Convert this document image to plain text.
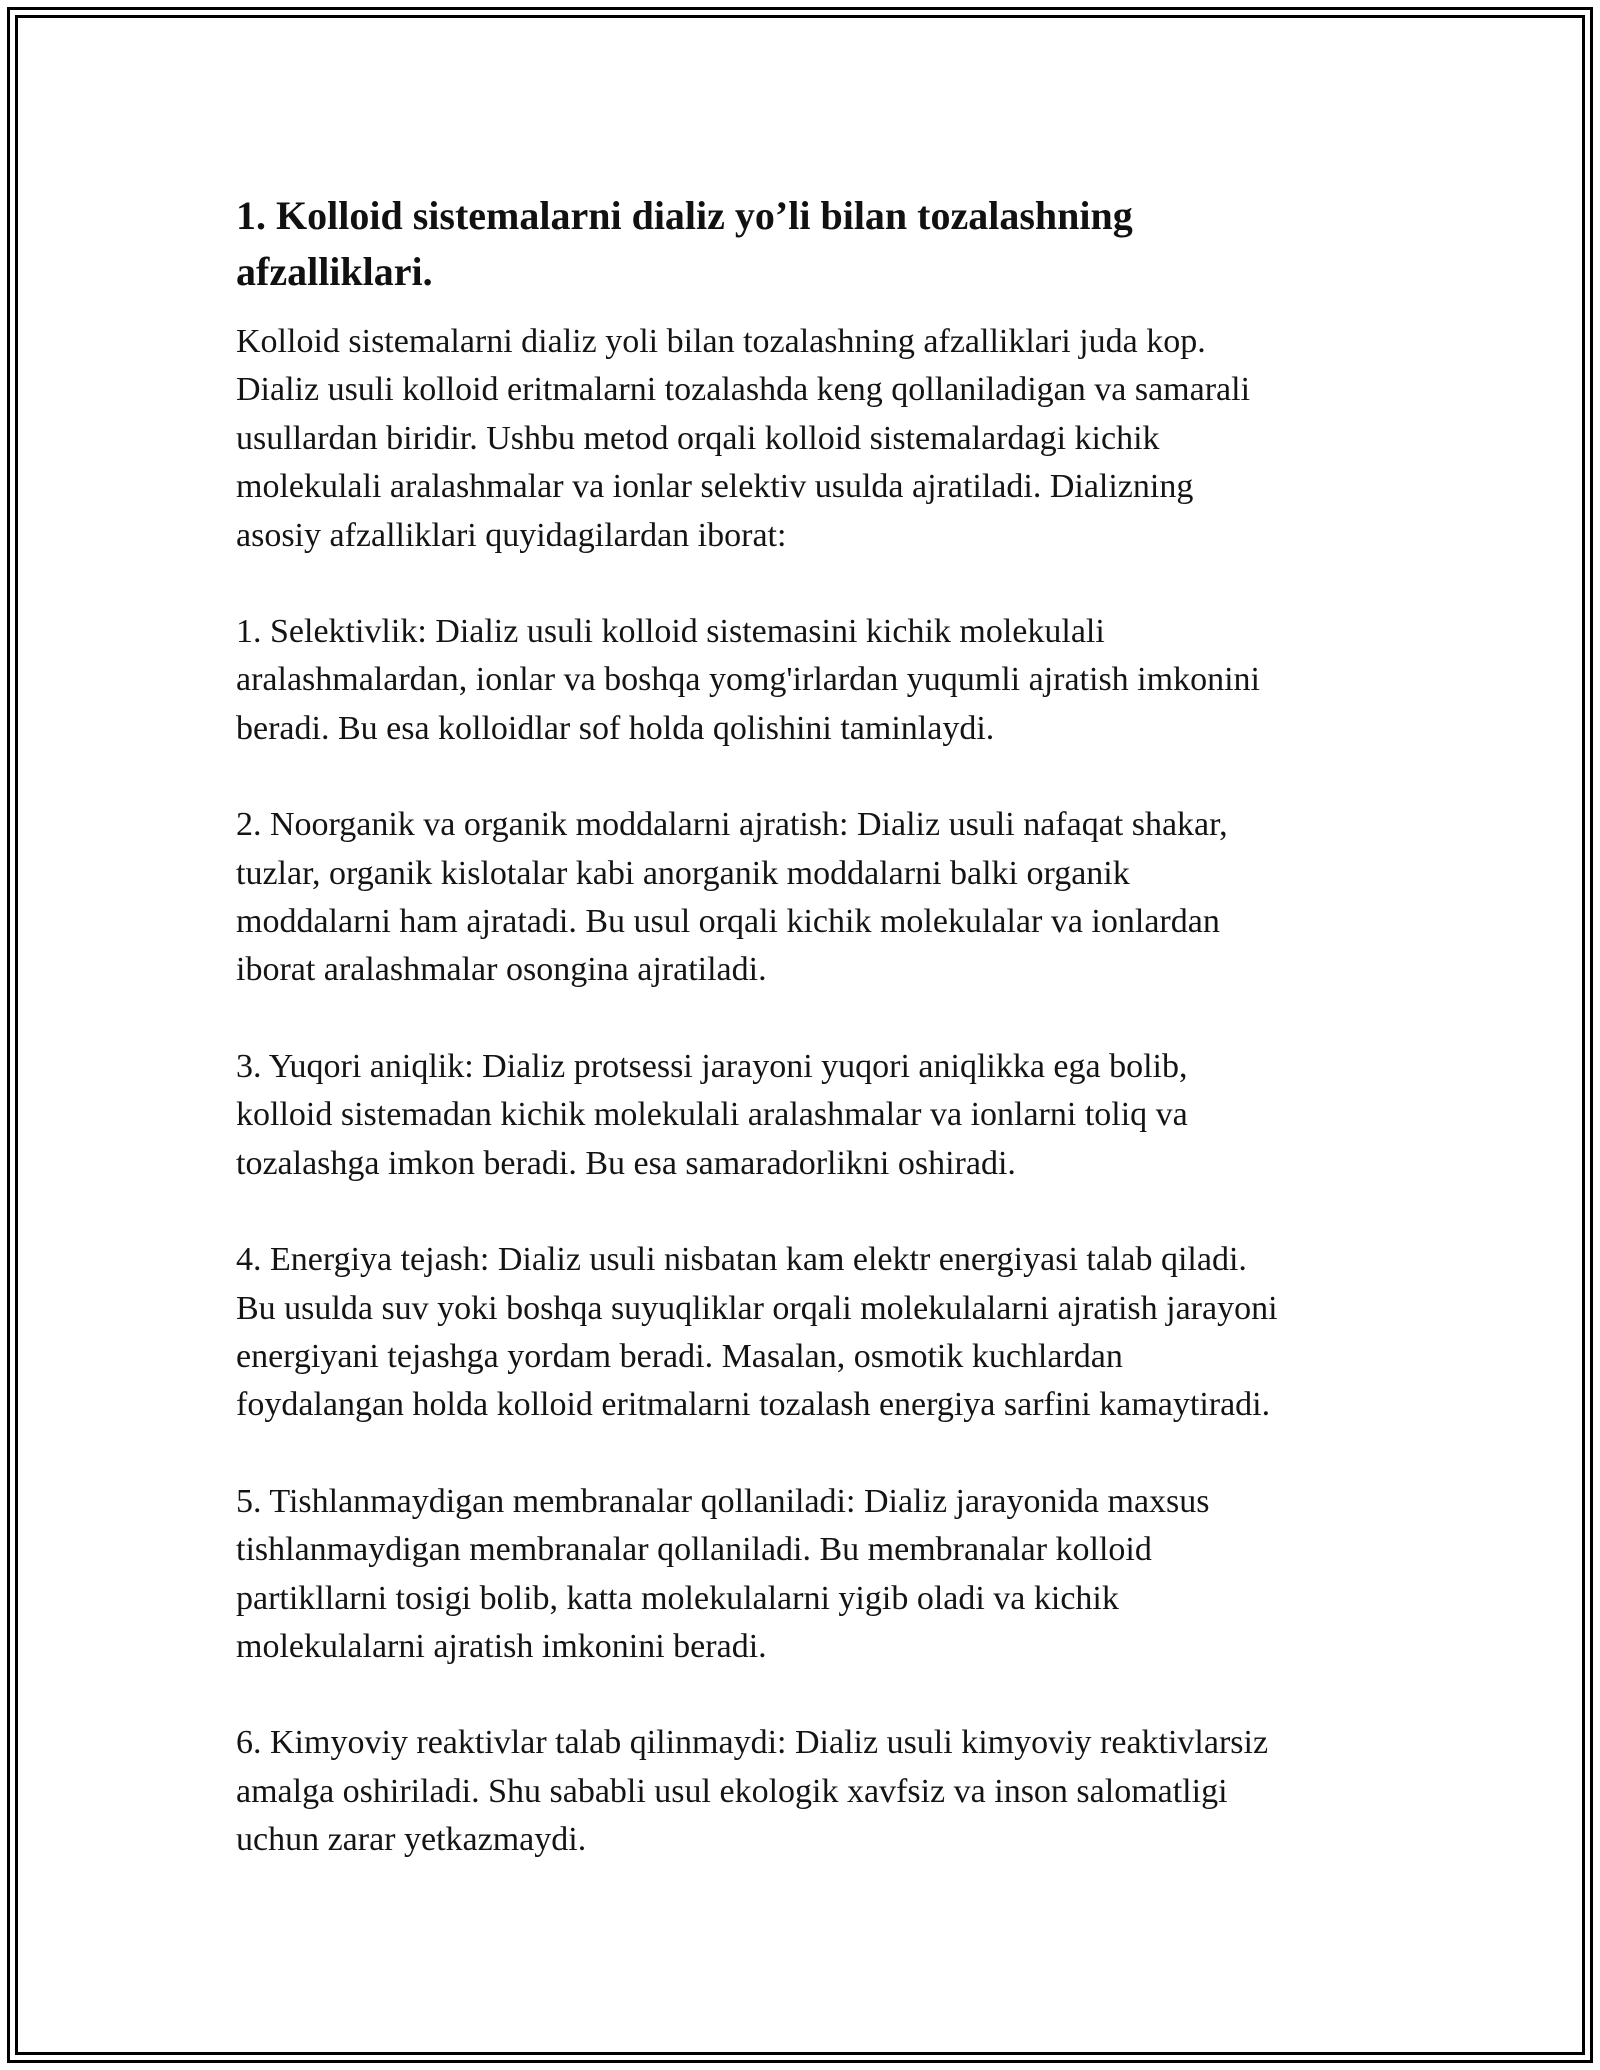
1. Kolloid sistemalarni dializ yo’li bilan tozalashning
afzalliklari.

Kolloid sistemalarni dializ yoli bilan tozalashning afzalliklari juda kop.
Dializ usuli kolloid eritmalarni tozalashda keng qollaniladigan va samarali
usullardan biridir. Ushbu metod orqali kolloid sistemalardagi kichik
molekulali aralashmalar va ionlar selektiv usulda ajratiladi. Dializning
asosiy afzalliklari quyidagilardan iborat:

1. Selektivlik: Dializ usuli kolloid sistemasini kichik molekulali
aralashmalardan, ionlar va boshqa yomg'irlardan yuqumli ajratish imkonini
beradi. Bu esa kolloidlar sof holda qolishini taminlaydi.

2. Noorganik va organik moddalarni ajratish: Dializ usuli nafaqat shakar,
tuzlar, organik kislotalar kabi anorganik moddalarni balki organik
moddalarni ham ajratadi. Bu usul orqali kichik molekulalar va ionlardan
iborat aralashmalar osongina ajratiladi.

3. Yuqori aniqlik: Dializ protsessi jarayoni yuqori aniqlikka ega bolib,
kolloid sistemadan kichik molekulali aralashmalar va ionlarni toliq va
tozalashga imkon beradi. Bu esa samaradorlikni oshiradi.

4. Energiya tejash: Dializ usuli nisbatan kam elektr energiyasi talab qiladi.
Bu usulda suv yoki boshqa suyuqliklar orqali molekulalarni ajratish jarayoni
energiyani tejashga yordam beradi. Masalan, osmotik kuchlardan
foydalangan holda kolloid eritmalarni tozalash energiya sarfini kamaytiradi.

5. Tishlanmaydigan membranalar qollaniladi: Dializ jarayonida maxsus
tishlanmaydigan membranalar qollaniladi. Bu membranalar kolloid
partikllarni tosigi bolib, katta molekulalarni yigib oladi va kichik
molekulalarni ajratish imkonini beradi.

6. Kimyoviy reaktivlar talab qilinmaydi: Dializ usuli kimyoviy reaktivlarsiz
amalga oshiriladi. Shu sababli usul ekologik xavfsiz va inson salomatligi
uchun zarar yetkazmaydi.
